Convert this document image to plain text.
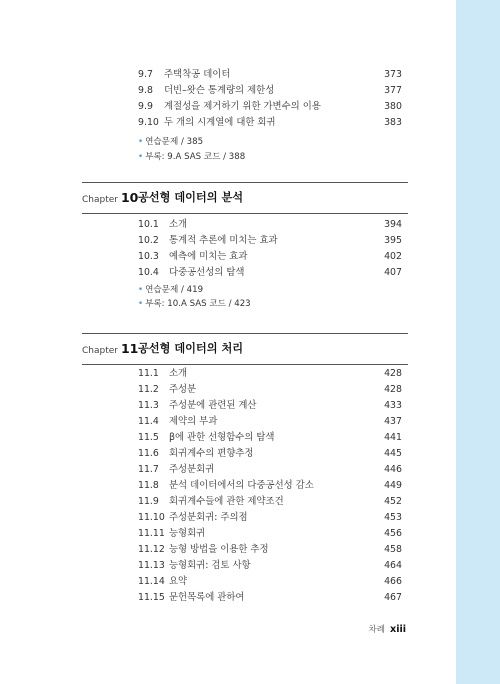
9.7 주택착공 데이터	373
9.8 더빈–왓슨 통계량의 제한성	377
9.9 계절성을 제거하기 위한 가변수의 이용	380
9.10 두 개의 시계열에 대한 회귀	383
• 연습문제 / 385
• 부록: 9.A SAS 코드 / 388
Chapter 10 공선형 데이터의 분석
10.1 소개	394
10.2 통계적 추론에 미치는 효과	395
10.3 예측에 미치는 효과	402
10.4 다중공선성의 탐색	407
• 연습문제 / 419
• 부록: 10.A SAS 코드 / 423
Chapter 11 공선형 데이터의 처리
11.1 소개	428
11.2 주성분	428
11.3 주성분에 관련된 계산	433
11.4 제약의 부과	437
11.5 β에 관한 선형함수의 탐색	441
11.6 회귀계수의 편향추정	445
11.7 주성분회귀	446
11.8 분석 데이터에서의 다중공선성 감소	449
11.9 회귀계수들에 관한 제약조건	452
11.10 주성분회귀: 주의점	453
11.11 능형회귀	456
11.12 능형 방법을 이용한 추정	458
11.13 능형회귀: 검토 사항	464
11.14 요약	466
11.15 문헌목록에 관하여	467
차례 xiii
